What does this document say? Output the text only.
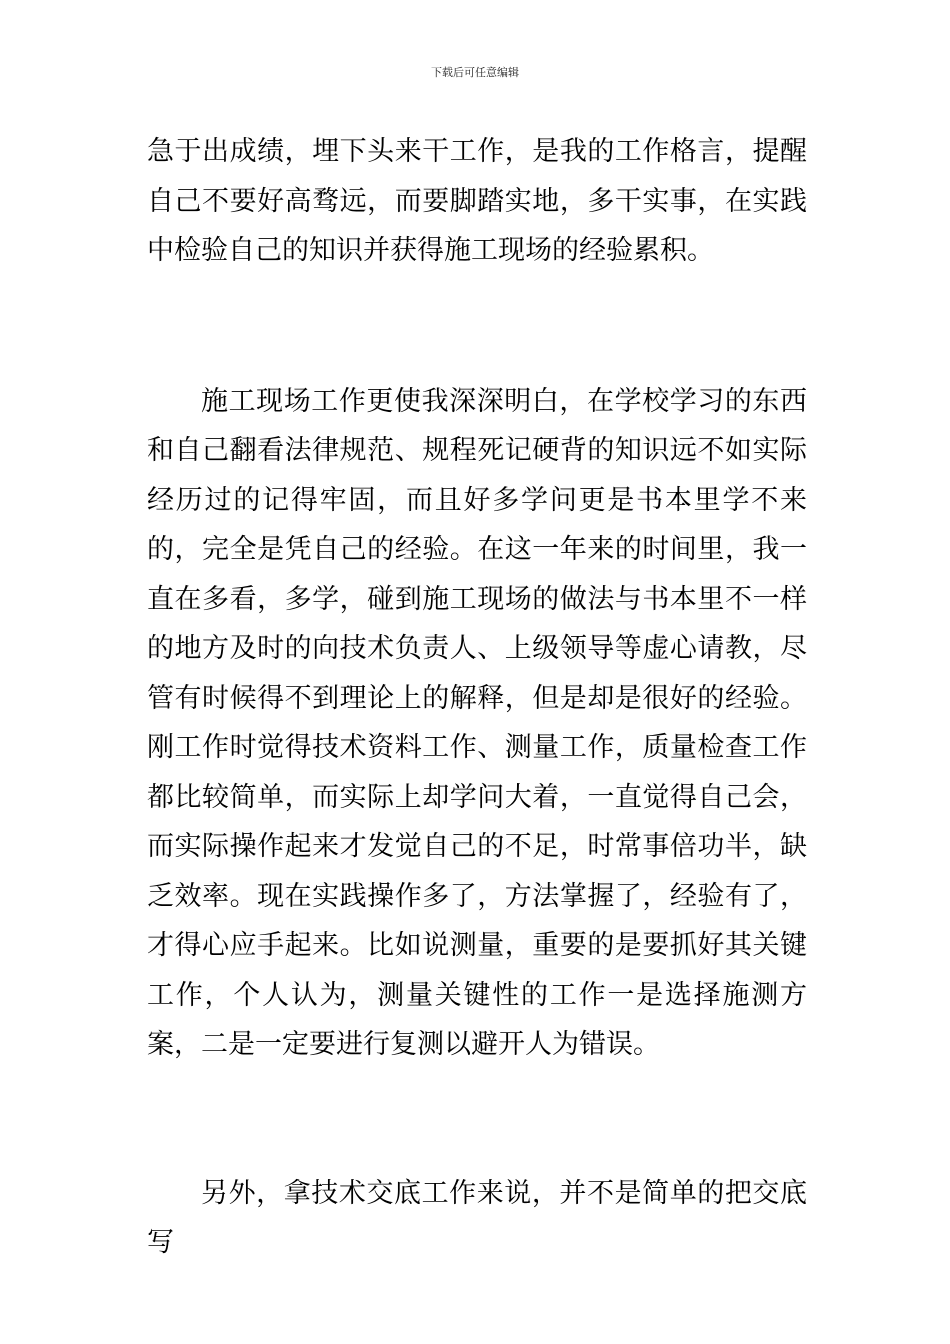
下载后可任意编辑

急于出成绩，埋下头来干工作，是我的工作格言，提醒自己不要好高骛远，而要脚踏实地，多干实事，在实践中检验自己的知识并获得施工现场的经验累积。

施工现场工作更使我深深明白，在学校学习的东西和自己翻看法律规范、规程死记硬背的知识远不如实际经历过的记得牢固，而且好多学问更是书本里学不来的，完全是凭自己的经验。在这一年来的时间里，我一直在多看，多学，碰到施工现场的做法与书本里不一样的地方及时的向技术负责人、上级领导等虚心请教，尽管有时候得不到理论上的解释，但是却是很好的经验。刚工作时觉得技术资料工作、测量工作，质量检查工作都比较简单，而实际上却学问大着，一直觉得自己会，而实际操作起来才发觉自己的不足，时常事倍功半，缺乏效率。现在实践操作多了，方法掌握了，经验有了，才得心应手起来。比如说测量，重要的是要抓好其关键工作，个人认为，测量关键性的工作一是选择施测方案，二是一定要进行复测以避开人为错误。

另外，拿技术交底工作来说，并不是简单的把交底写
